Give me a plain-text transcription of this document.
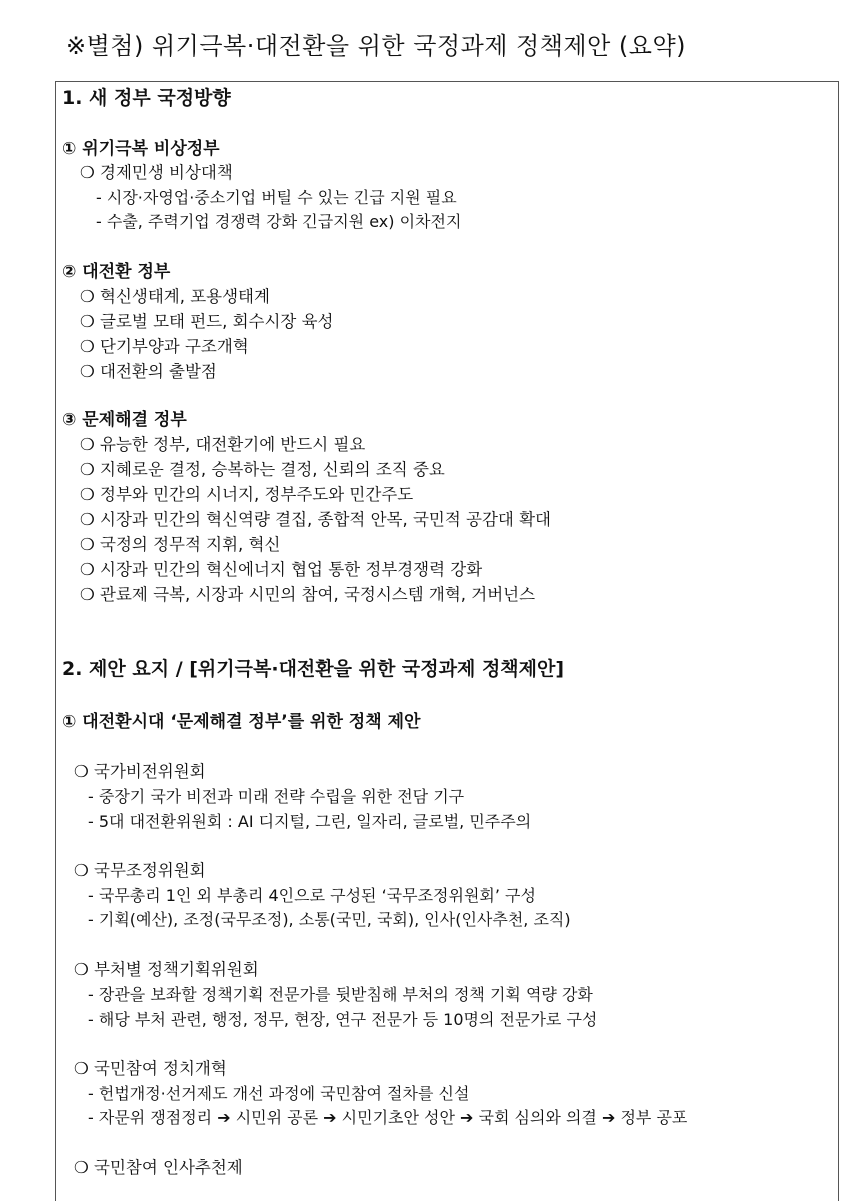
※별첨) 위기극복·대전환을 위한 국정과제 정책제안 (요약)
1. 새 정부 국정방향
① 위기극복 비상정부
❍ 경제민생 비상대책
- 시장·자영업·중소기업 버틸 수 있는 긴급 지원 필요
- 수출, 주력기업 경쟁력 강화 긴급지원 ex) 이차전지
② 대전환 정부
❍ 혁신생태계, 포용생태계
❍ 글로벌 모태 펀드, 회수시장 육성
❍ 단기부양과 구조개혁
❍ 대전환의 출발점
③ 문제해결 정부
❍ 유능한 정부, 대전환기에 반드시 필요
❍ 지혜로운 결정, 승복하는 결정, 신뢰의 조직 중요
❍ 정부와 민간의 시너지, 정부주도와 민간주도
❍ 시장과 민간의 혁신역량 결집, 종합적 안목, 국민적 공감대 확대
❍ 국정의 정무적 지휘, 혁신
❍ 시장과 민간의 혁신에너지 협업 통한 정부경쟁력 강화
❍ 관료제 극복, 시장과 시민의 참여, 국정시스템 개혁, 거버넌스
2. 제안 요지 / [위기극복·대전환을 위한 국정과제 정책제안]
① 대전환시대 ‘문제해결 정부’를 위한 정책 제안
❍ 국가비전위원회
- 중장기 국가 비전과 미래 전략 수립을 위한 전담 기구
- 5대 대전환위원회 : AI 디지털, 그린, 일자리, 글로벌, 민주주의
❍ 국무조정위원회
- 국무총리 1인 외 부총리 4인으로 구성된 ‘국무조정위원회’ 구성
- 기획(예산), 조정(국무조정), 소통(국민, 국회), 인사(인사추천, 조직)
❍ 부처별 정책기획위원회
- 장관을 보좌할 정책기획 전문가를 뒷받침해 부처의 정책 기획 역량 강화
- 해당 부처 관련, 행정, 정무, 현장, 연구 전문가 등 10명의 전문가로 구성
❍ 국민참여 정치개혁
- 헌법개정·선거제도 개선 과정에 국민참여 절차를 신설
- 자문위 쟁점정리 ➔ 시민위 공론 ➔ 시민기초안 성안 ➔ 국회 심의와 의결 ➔ 정부 공포
❍ 국민참여 인사추천제
